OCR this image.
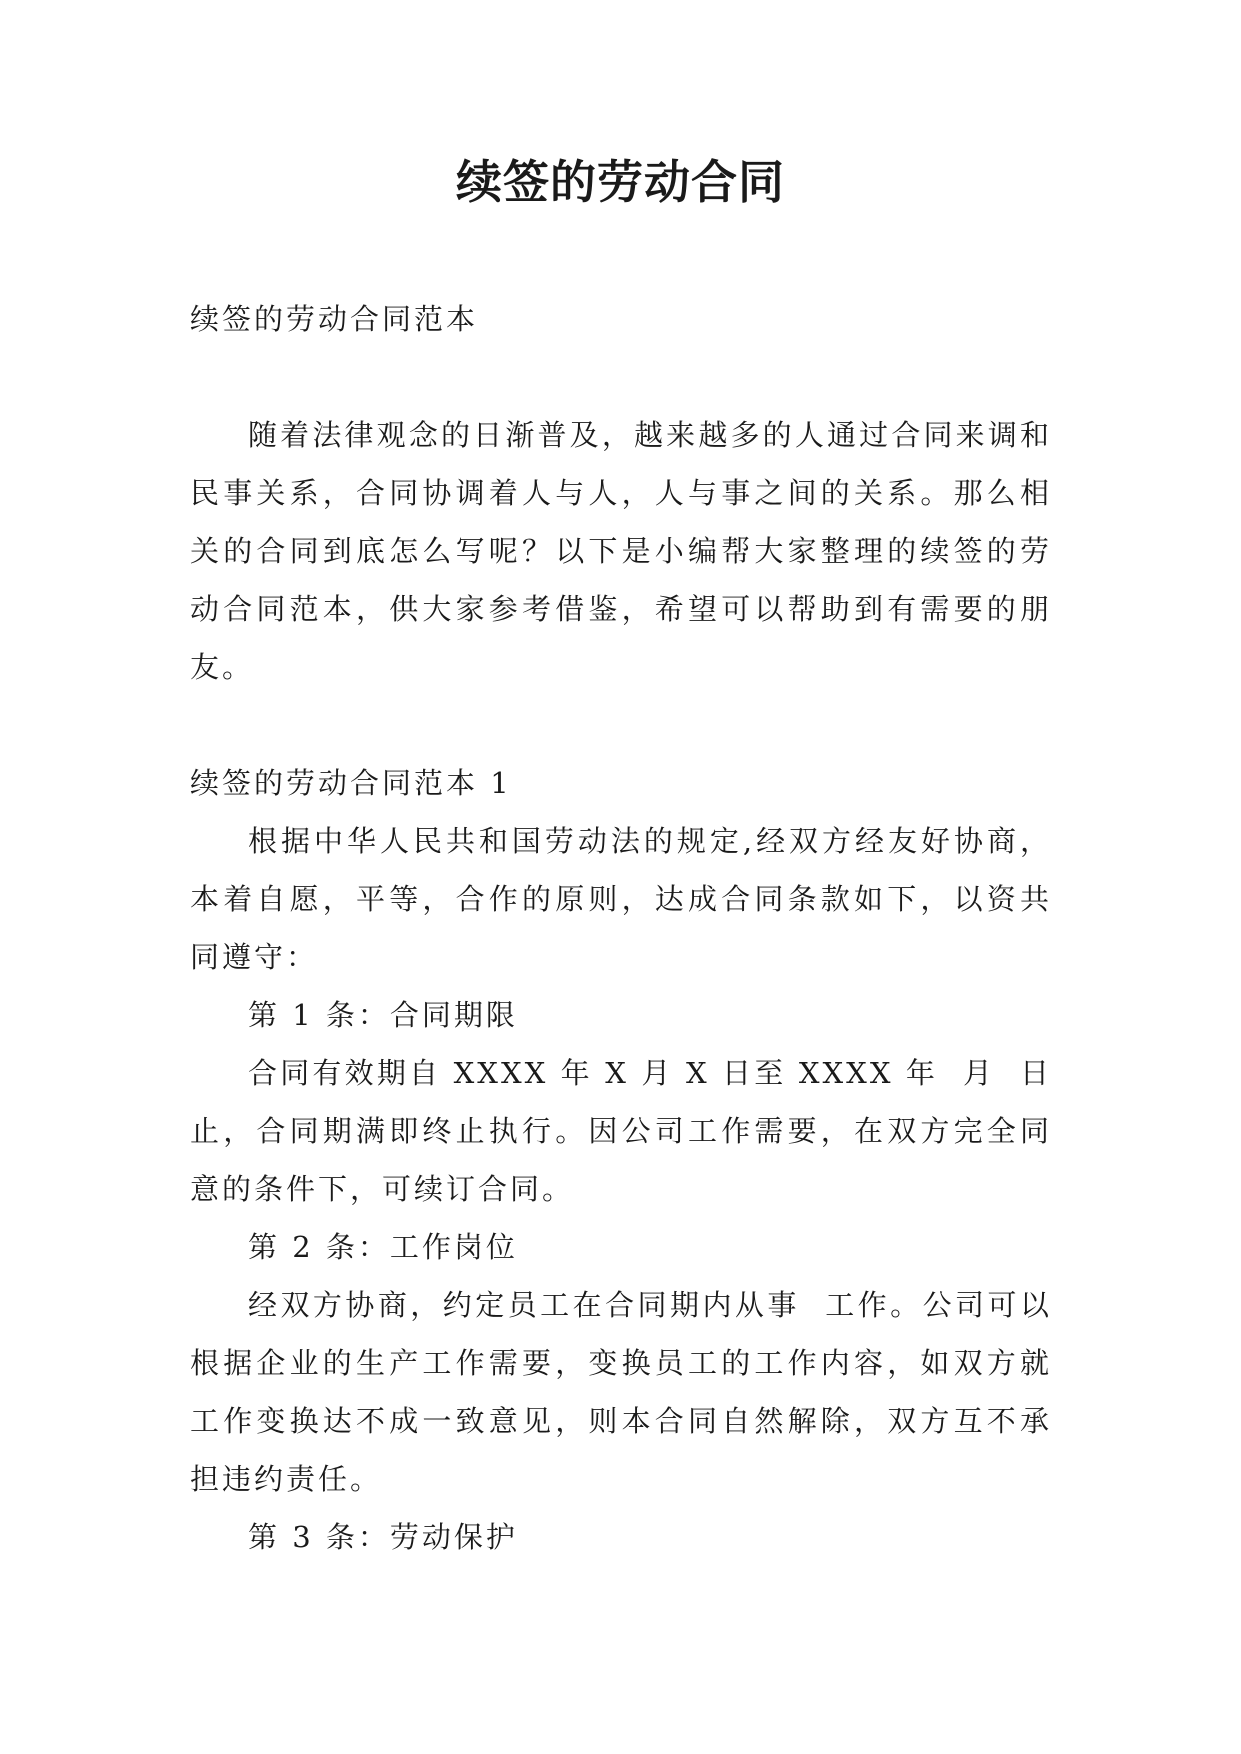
续签的劳动合同

续签的劳动合同范本

随着法律观念的日渐普及，越来越多的人通过合同来调和民事关系，合同协调着人与人，人与事之间的关系。那么相关的合同到底怎么写呢？以下是小编帮大家整理的续签的劳动合同范本，供大家参考借鉴，希望可以帮助到有需要的朋友。

续签的劳动合同范本 1

根据中华人民共和国劳动法的规定,经双方经友好协商，本着自愿，平等，合作的原则，达成合同条款如下，以资共同遵守：

第 1 条：合同期限

合同有效期自 XXXX 年 X 月 X 日至 XXXX 年  月  日止，合同期满即终止执行。因公司工作需要，在双方完全同意的条件下，可续订合同。

第 2 条：工作岗位

经双方协商，约定员工在合同期内从事  工作。公司可以根据企业的生产工作需要，变换员工的工作内容，如双方就工作变换达不成一致意见，则本合同自然解除，双方互不承担违约责任。

第 3 条：劳动保护
